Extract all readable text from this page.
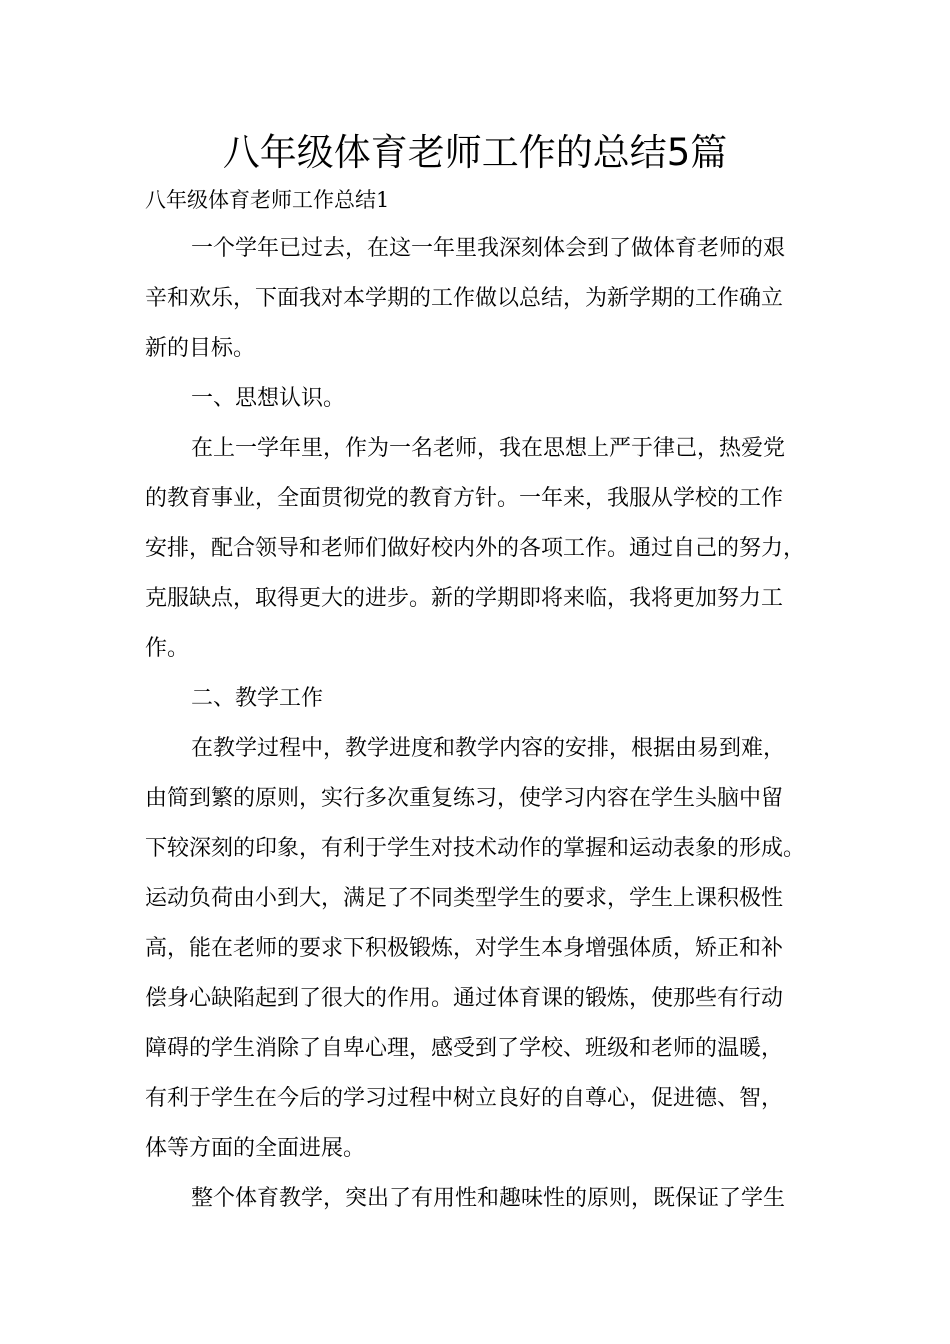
八年级体育老师工作的总结5篇
八年级体育老师工作总结1
一个学年已过去，在这一年里我深刻体会到了做体育老师的艰
辛和欢乐，下面我对本学期的工作做以总结，为新学期的工作确立
新的目标。
一、思想认识。
在上一学年里，作为一名老师，我在思想上严于律己，热爱党
的教育事业，全面贯彻党的教育方针。一年来，我服从学校的工作
安排，配合领导和老师们做好校内外的各项工作。通过自己的努力，
克服缺点，取得更大的进步。新的学期即将来临，我将更加努力工
作。
二、教学工作
在教学过程中，教学进度和教学内容的安排，根据由易到难，
由简到繁的原则，实行多次重复练习，使学习内容在学生头脑中留
下较深刻的印象，有利于学生对技术动作的掌握和运动表象的形成。
运动负荷由小到大，满足了不同类型学生的要求，学生上课积极性
高，能在老师的要求下积极锻炼，对学生本身增强体质，矫正和补
偿身心缺陷起到了很大的作用。通过体育课的锻炼，使那些有行动
障碍的学生消除了自卑心理，感受到了学校、班级和老师的温暖，
有利于学生在今后的学习过程中树立良好的自尊心，促进德、智，
体等方面的全面进展。
整个体育教学，突出了有用性和趣味性的原则，既保证了学生
